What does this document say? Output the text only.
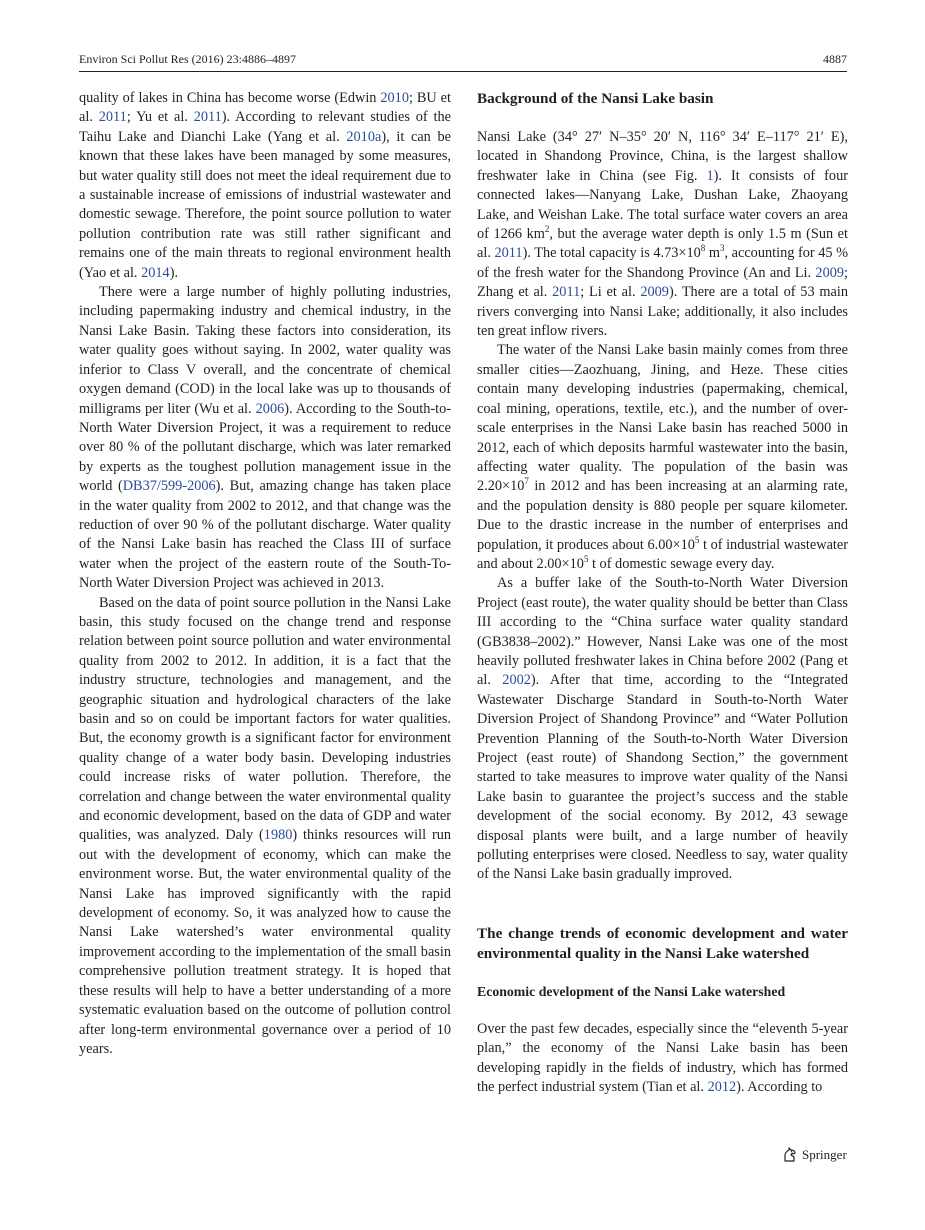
Environ Sci Pollut Res (2016) 23:4886–4897	4887

quality of lakes in China has become worse (Edwin 2010; BU et al. 2011; Yu et al. 2011). According to relevant studies of the Taihu Lake and Dianchi Lake (Yang et al. 2010a), it can be known that these lakes have been managed by some measures, but water quality still does not meet the ideal requirement due to a sustainable increase of emissions of industrial wastewater and domestic sewage. Therefore, the point source pollution to water pollution contribution rate was still rather significant and remains one of the main threats to regional environment health (Yao et al. 2014).

There were a large number of highly polluting industries, including papermaking industry and chemical industry, in the Nansi Lake Basin. Taking these factors into consideration, its water quality goes without saying. In 2002, water quality was inferior to Class V overall, and the concentrate of chemical oxygen demand (COD) in the local lake was up to thousands of milligrams per liter (Wu et al. 2006). According to the South-to-North Water Diversion Project, it was a requirement to reduce over 80 % of the pollutant discharge, which was later remarked by experts as the toughest pollution management issue in the world (DB37/599-2006). But, amazing change has taken place in the water quality from 2002 to 2012, and that change was the reduction of over 90 % of the pollutant discharge. Water quality of the Nansi Lake basin has reached the Class III of surface water when the project of the eastern route of the South-To-North Water Diversion Project was achieved in 2013.

Based on the data of point source pollution in the Nansi Lake basin, this study focused on the change trend and response relation between point source pollution and water environmental quality from 2002 to 2012. In addition, it is a fact that the industry structure, technologies and management, and the geographic situation and hydrological characters of the lake basin and so on could be important factors for water qualities. But, the economy growth is a significant factor for environment quality change of a water body basin. Developing industries could increase risks of water pollution. Therefore, the correlation and change between the water environmental quality and economic development, based on the data of GDP and water qualities, was analyzed. Daly (1980) thinks resources will run out with the development of economy, which can make the environment worse. But, the water environmental quality of the Nansi Lake has improved significantly with the rapid development of economy. So, it was analyzed how to cause the Nansi Lake watershed’s water environmental quality improvement according to the implementation of the small basin comprehensive pollution treatment strategy. It is hoped that these results will help to have a better understanding of a more systematic evaluation based on the outcome of pollution control after long-term environmental governance over a period of 10 years.

Background of the Nansi Lake basin

Nansi Lake (34° 27′ N–35° 20′ N, 116° 34′ E–117° 21′ E), located in Shandong Province, China, is the largest shallow freshwater lake in China (see Fig. 1). It consists of four connected lakes—Nanyang Lake, Dushan Lake, Zhaoyang Lake, and Weishan Lake. The total surface water covers an area of 1266 $km^2$, but the average water depth is only 1.5 m (Sun et al. 2011). The total capacity is $4.73\times 10^8$ $m^3$, accounting for 45 % of the fresh water for the Shandong Province (An and Li. 2009; Zhang et al. 2011; Li et al. 2009). There are a total of 53 main rivers converging into Nansi Lake; additionally, it also includes ten great inflow rivers.

The water of the Nansi Lake basin mainly comes from three smaller cities—Zaozhuang, Jining, and Heze. These cities contain many developing industries (papermaking, chemical, coal mining, operations, textile, etc.), and the number of over-scale enterprises in the Nansi Lake basin has reached 5000 in 2012, each of which deposits harmful wastewater into the basin, affecting water quality. The population of the basin was $2.20\times 10^7$ in 2012 and has been increasing at an alarming rate, and the population density is 880 people per square kilometer. Due to the drastic increase in the number of enterprises and population, it produces about $6.00\times 10^5$ t of industrial wastewater and about $2.00\times 10^5$ t of domestic sewage every day.

As a buffer lake of the South-to-North Water Diversion Project (east route), the water quality should be better than Class III according to the “China surface water quality standard (GB3838–2002).” However, Nansi Lake was one of the most heavily polluted freshwater lakes in China before 2002 (Pang et al. 2002). After that time, according to the “Integrated Wastewater Discharge Standard in South-to-North Water Diversion Project of Shandong Province” and “Water Pollution Prevention Planning of the South-to-North Water Diversion Project (east route) of Shandong Section,” the government started to take measures to improve water quality of the Nansi Lake basin to guarantee the project’s success and the stable development of the social economy. By 2012, 43 sewage disposal plants were built, and a large number of heavily polluting enterprises were closed. Needless to say, water quality of the Nansi Lake basin gradually improved.

The change trends of economic development and water environmental quality in the Nansi Lake watershed
Economic development of the Nansi Lake watershed

Over the past few decades, especially since the “eleventh 5-year plan,” the economy of the Nansi Lake basin has been developing rapidly in the fields of industry, which has formed the perfect industrial system (Tian et al. 2012). According to

Springer
